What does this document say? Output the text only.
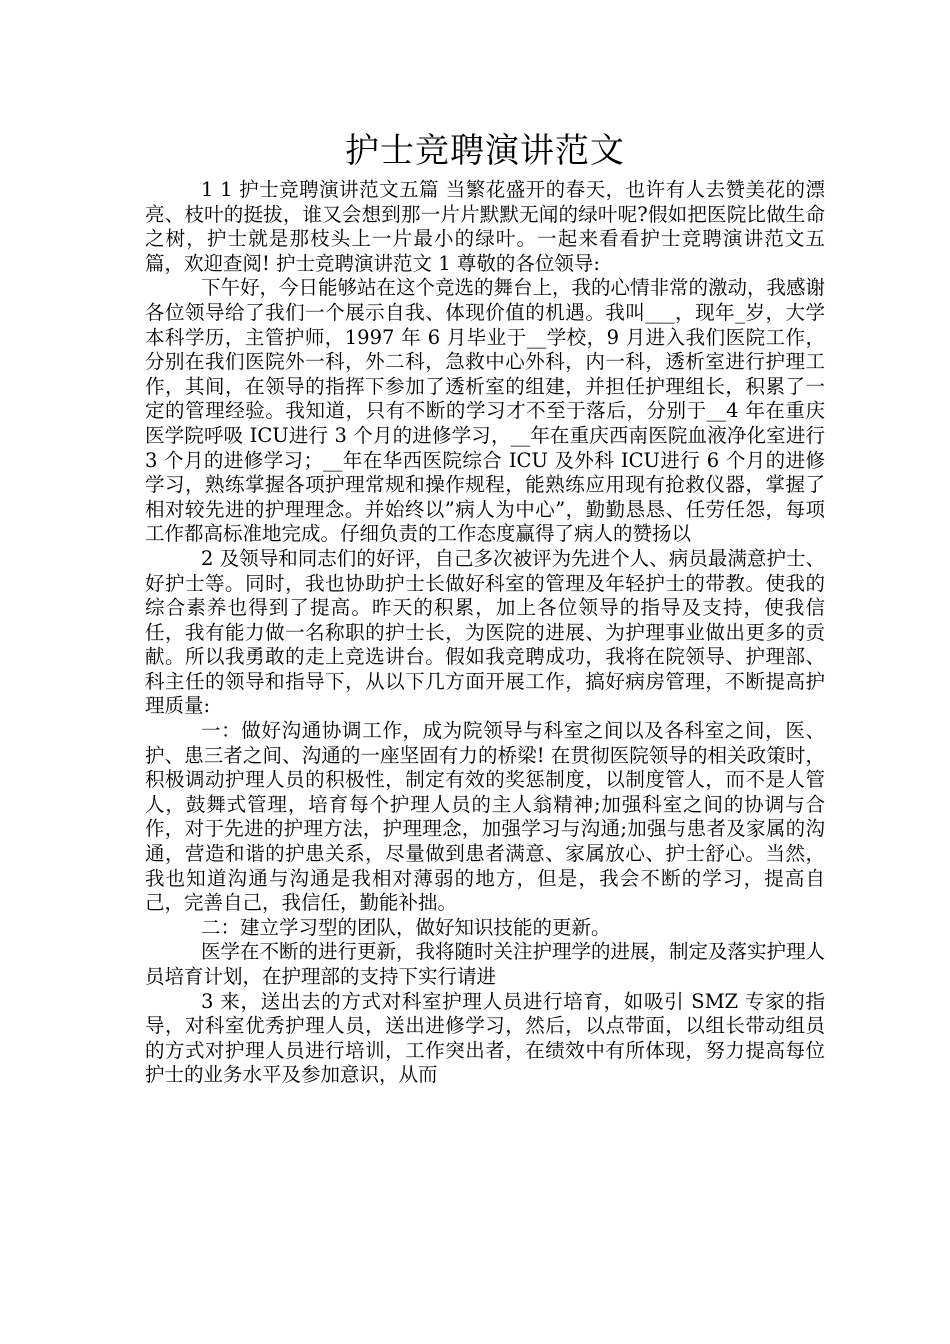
护士竞聘演讲范文

1 1 护士竞聘演讲范文五篇 当繁花盛开的春天，也许有人去赞美花的漂亮、枝叶的挺拔，谁又会想到那一片片默默无闻的绿叶呢?假如把医院比做生命之树，护士就是那枝头上一片最小的绿叶。一起来看看护士竞聘演讲范文五篇，欢迎查阅! 护士竞聘演讲范文 1 尊敬的各位领导:

下午好，今日能够站在这个竞选的舞台上，我的心情非常的激动，我感谢各位领导给了我们一个展示自我、体现价值的机遇。我叫___，现年_岁，大学本科学历，主管护师，1997 年 6 月毕业于__学校，9 月进入我们医院工作，分别在我们医院外一科，外二科，急救中心外科，内一科，透析室进行护理工作，其间，在领导的指挥下参加了透析室的组建，并担任护理组长，积累了一定的管理经验。我知道，只有不断的学习才不至于落后，分别于__4 年在重庆医学院呼吸 ICU进行 3 个月的进修学习，__年在重庆西南医院血液净化室进行 3 个月的进修学习；__年在华西医院综合 ICU 及外科 ICU进行 6 个月的进修学习，熟练掌握各项护理常规和操作规程，能熟练应用现有抢救仪器，掌握了相对较先进的护理理念。并始终以”病人为中心”，勤勤恳恳、任劳任怨，每项工作都高标准地完成。仔细负责的工作态度赢得了病人的赞扬以

2 及领导和同志们的好评，自己多次被评为先进个人、病员最满意护士、好护士等。同时，我也协助护士长做好科室的管理及年轻护士的带教。使我的综合素养也得到了提高。昨天的积累，加上各位领导的指导及支持，使我信任，我有能力做一名称职的护士长，为医院的进展、为护理事业做出更多的贡献。所以我勇敢的走上竞选讲台。假如我竞聘成功，我将在院领导、护理部、科主任的领导和指导下，从以下几方面开展工作，搞好病房管理，不断提高护理质量:

一：做好沟通协调工作，成为院领导与科室之间以及各科室之间，医、护、患三者之间、沟通的一座坚固有力的桥梁! 在贯彻医院领导的相关政策时，积极调动护理人员的积极性，制定有效的奖惩制度，以制度管人，而不是人管人，鼓舞式管理，培育每个护理人员的主人翁精神;加强科室之间的协调与合作，对于先进的护理方法，护理理念，加强学习与沟通;加强与患者及家属的沟通，营造和谐的护患关系，尽量做到患者满意、家属放心、护士舒心。当然，我也知道沟通与沟通是我相对薄弱的地方，但是，我会不断的学习，提高自己，完善自己，我信任，勤能补拙。

二：建立学习型的团队，做好知识技能的更新。

医学在不断的进行更新，我将随时关注护理学的进展，制定及落实护理人员培育计划，在护理部的支持下实行请进

3 来，送出去的方式对科室护理人员进行培育，如吸引 SMZ 专家的指导，对科室优秀护理人员，送出进修学习，然后，以点带面，以组长带动组员的方式对护理人员进行培训，工作突出者，在绩效中有所体现，努力提高每位护士的业务水平及参加意识，从而
